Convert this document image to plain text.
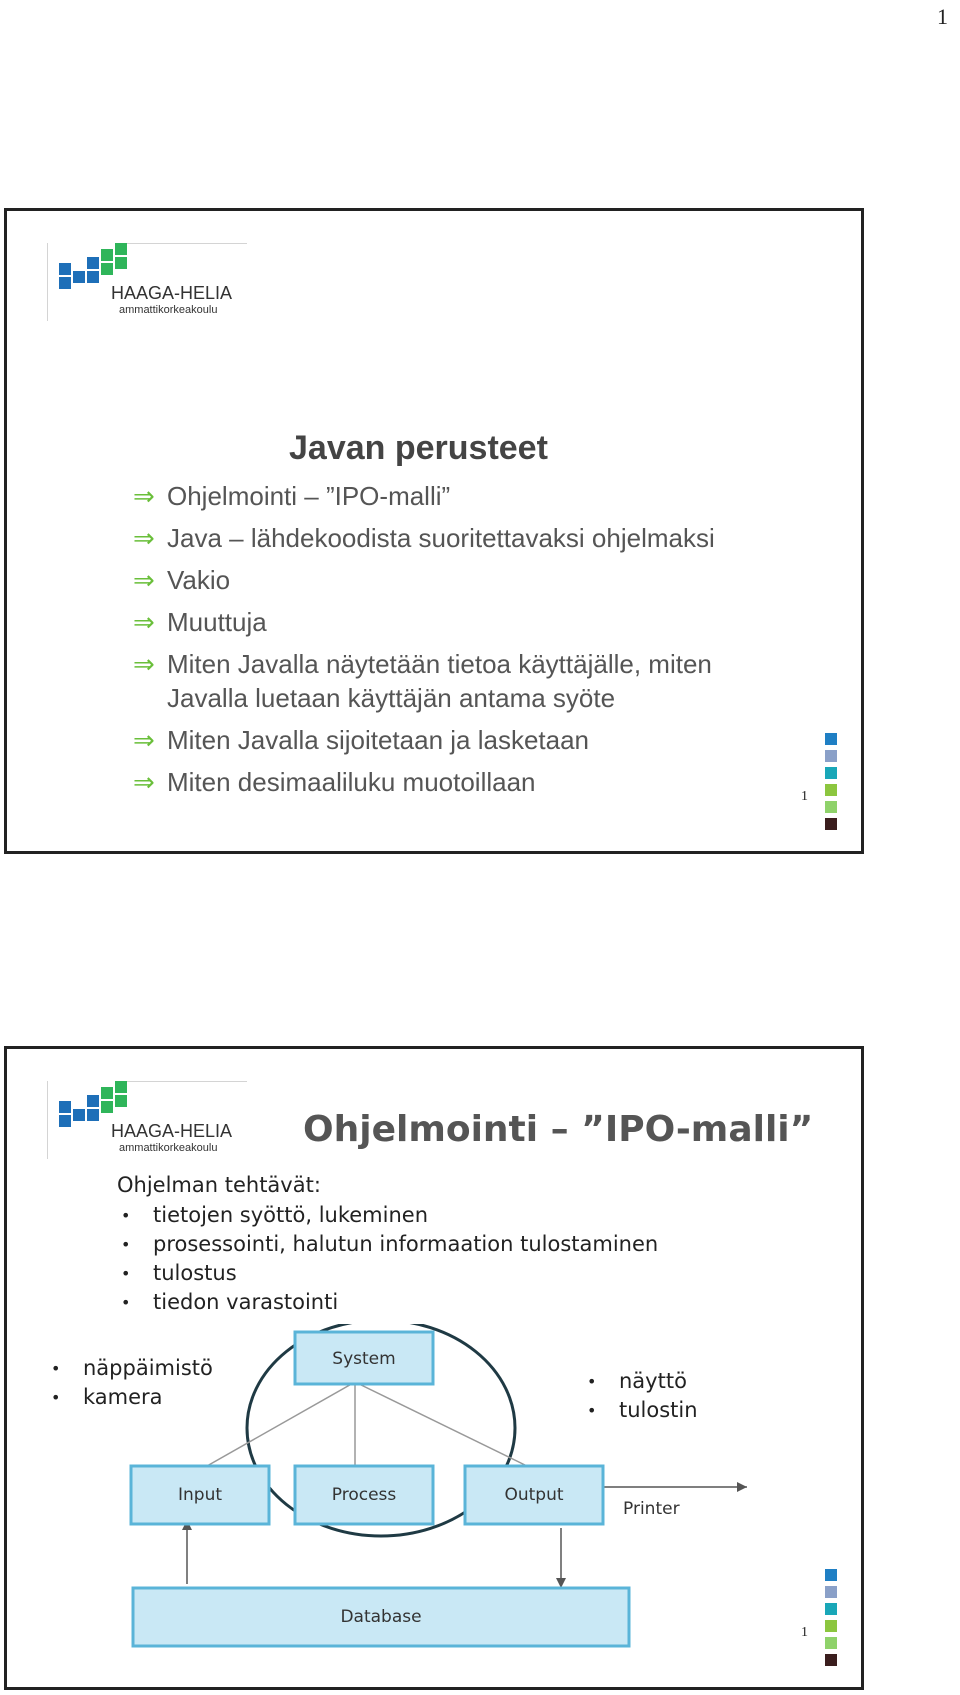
1
HAAGA-HELIA
ammattikorkeakoulu
Javan perusteet
⇒ Ohjelmointi – ”IPO-malli”
⇒ Java – lähdekoodista suoritettavaksi ohjelmaksi
⇒ Vakio
⇒ Muuttuja
⇒ Miten Javalla näytetään tietoa käyttäjälle, miten
Javalla luetaan käyttäjän antama syöte
⇒ Miten Javalla sijoitetaan ja lasketaan
⇒ Miten desimaaliluku muotoillaan	1
HAAGA-HELIA
ammattikorkeakoulu Ohjelmointi – ”IPO-malli”
Ohjelman tehtävät:
• tietojen syöttö, lukeminen
• prosessointi, halutun informaation tulostaminen
• tulostus
• tiedon varastointi
System
Input	Process	Output
Printer
Database
• näppäimistö
• kamera
• näyttö
• tulostin
1
